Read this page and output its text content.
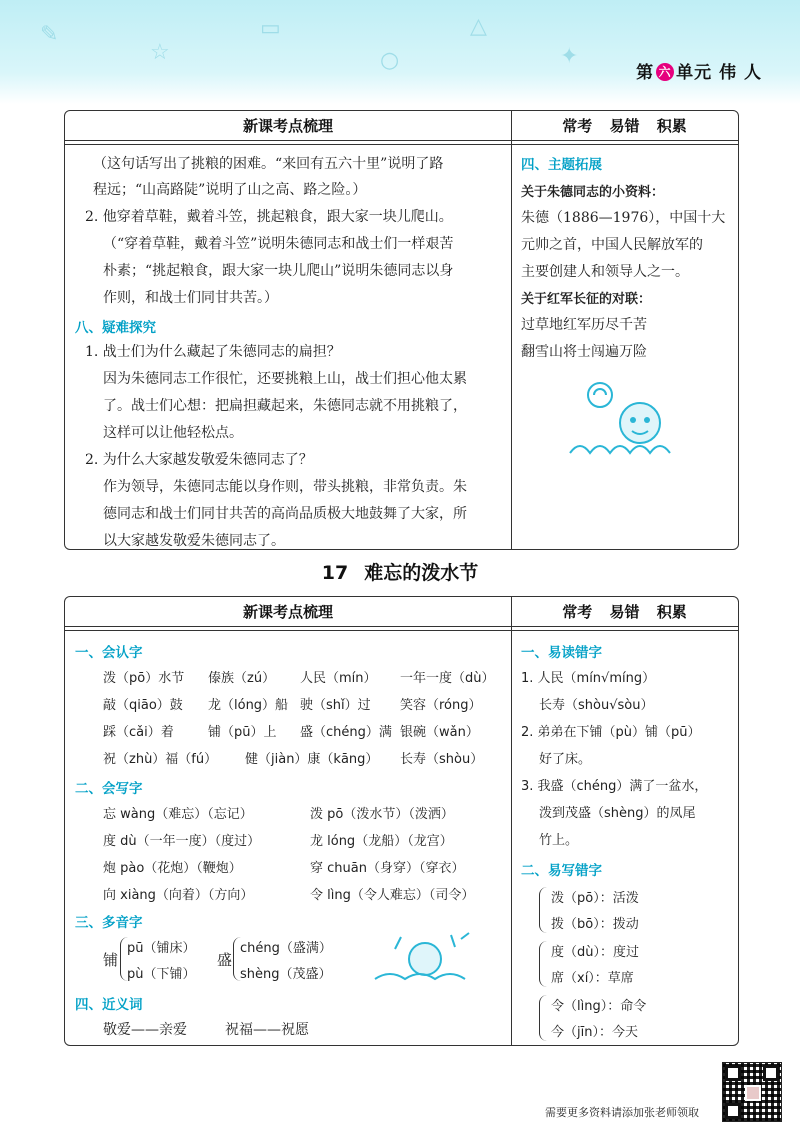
✎
☆
▭
○
△
✦
第 六 单元 伟 人
新课考点梳理	常考 易错 积累
（这句话写出了挑粮的困难。“来回有五六十里”说明了路
程远；“山高路陡”说明了山之高、路之险。）
2. 他穿着草鞋，戴着斗笠，挑起粮食，跟大家一块儿爬山。
（“穿着草鞋，戴着斗笠”说明朱德同志和战士们一样艰苦
朴素；“挑起粮食，跟大家一块儿爬山”说明朱德同志以身
作则，和战士们同甘共苦。）
八、疑难探究
1. 战士们为什么藏起了朱德同志的扁担？
因为朱德同志工作很忙，还要挑粮上山，战士们担心他太累
了。战士们心想：把扁担藏起来，朱德同志就不用挑粮了，
这样可以让他轻松点。
2. 为什么大家越发敬爱朱德同志了？
作为领导，朱德同志能以身作则，带头挑粮，非常负责。朱
德同志和战士们同甘共苦的高尚品质极大地鼓舞了大家，所
以大家越发敬爱朱德同志了。
四、主题拓展
关于朱德同志的小资料：
朱德（1886—1976），中国十大
元帅之首，中国人民解放军的
主要创建人和领导人之一。
关于红军长征的对联：
过草地红军历尽千苦
翻雪山将士闯遍万险
17 难忘的泼水节
新课考点梳理	常考 易错 积累
一、会认字
泼（pō）水节 傣族（zú） 人民（mín） 一年一度（dù）
敲（qiāo）鼓 龙（lóng）船 驶（shǐ）过 笑容（róng）
踩（cǎi）着	铺（pū）上 盛（chéng）满 银碗（wǎn）
祝（zhù）福（fú） 健（jiàn）康（kāng） 长寿（shòu）
二、会写字
忘 wàng（难忘）（忘记）	泼 pō（泼水节）（泼洒）
度 dù（一年一度）（度过）	龙 lóng（龙船）（龙宫）
炮 pào（花炮）（鞭炮）	穿 chuān（身穿）（穿衣）
向 xiàng（向着）（方向）	令 lìng（令人难忘）（司令）
三、多音字
铺
pū（铺床）
pù（下铺）
盛
chéng（盛满）
shèng（茂盛）
四、近义词
敬爱——亲爱	祝福——祝愿
一、易读错字
1. 人民（mín√míng）
长寿（shòu√sòu）
2. 弟弟在下铺（pù）铺（pū）
好了床。
3. 我盛（chéng）满了一盆水，
泼到茂盛（shèng）的凤尾
竹上。
二、易写错字
泼（pō）：活泼
拨（bō）：拨动
度（dù）：度过
席（xí）：草席
令（lìng）：命令
今（jīn）：今天
需要更多资料请添加张老师领取
